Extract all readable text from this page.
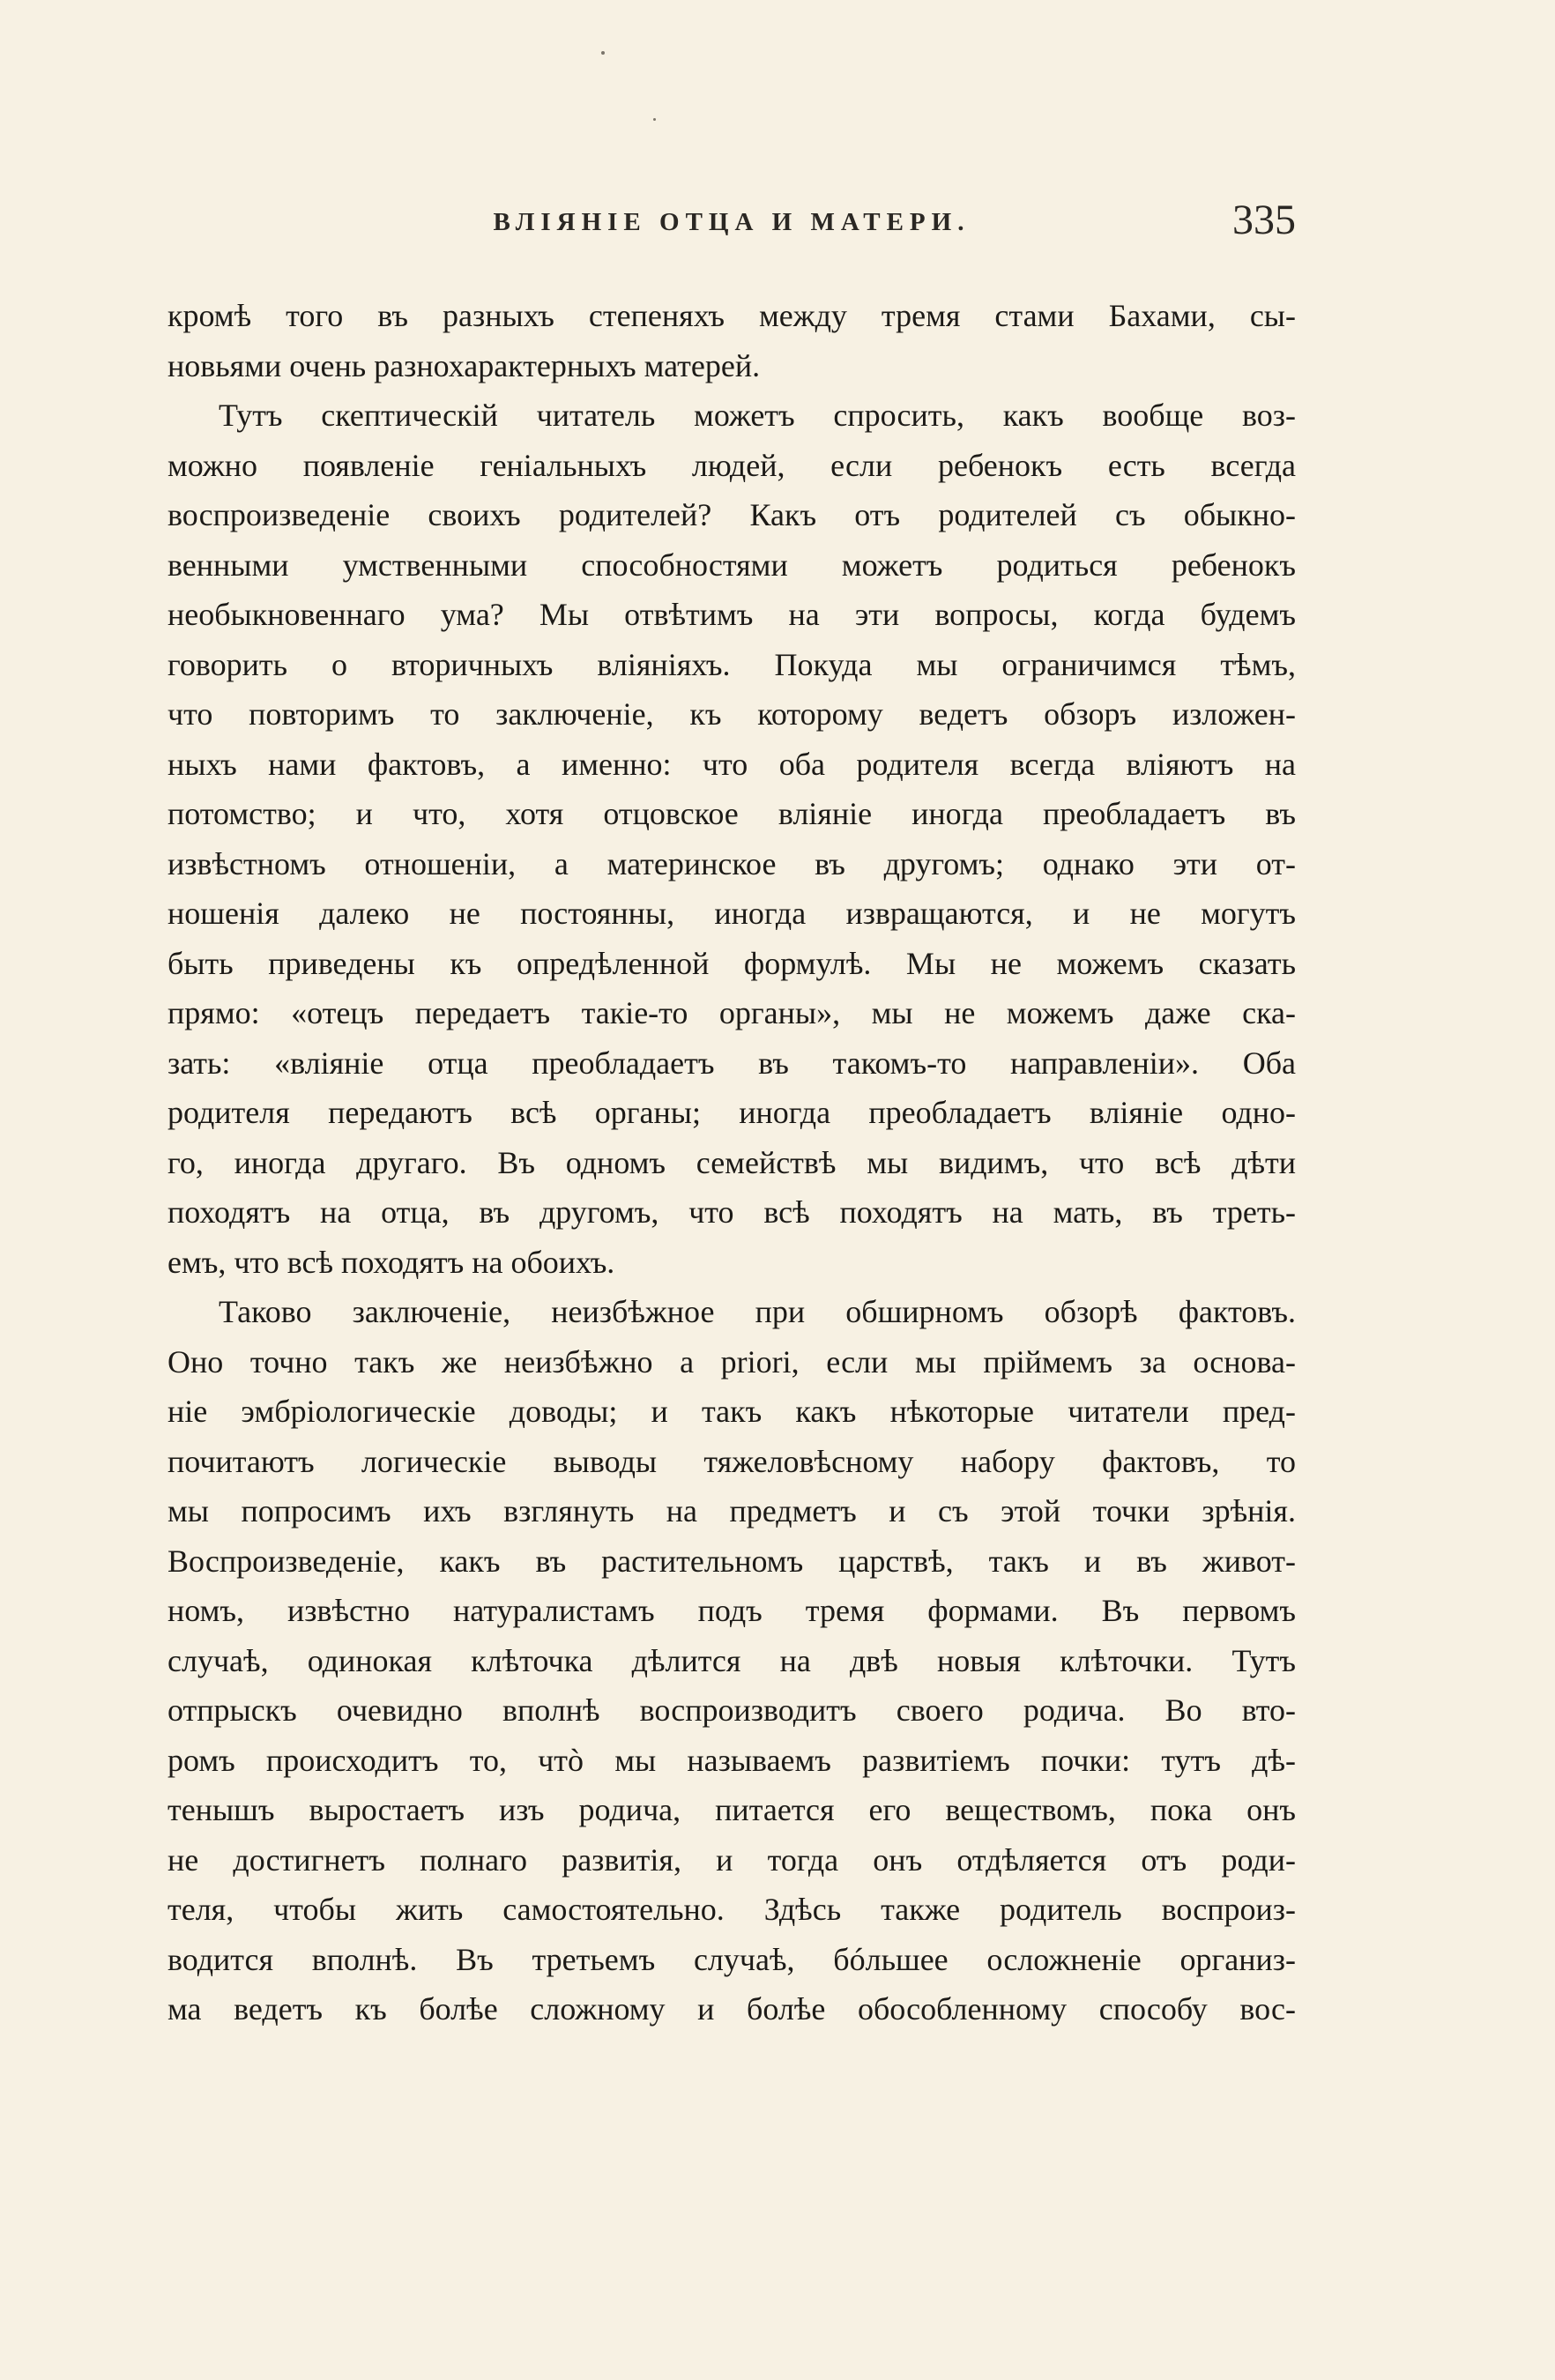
ВЛІЯНІЕ ОТЦА И МАТЕРИ.	335
кромѣ того въ разныхъ степеняхъ между тремя стами Бахами, сы-
новьями очень разнохарактерныхъ матерей.
Тутъ скептическій читатель можетъ спросить, какъ вообще воз-
можно появленіе геніальныхъ людей, если ребенокъ есть всегда
воспроизведеніе своихъ родителей? Какъ отъ родителей съ обыкно-
венными умственными способностями можетъ родиться ребенокъ
необыкновеннаго ума? Мы отвѣтимъ на эти вопросы, когда будемъ
говорить о вторичныхъ вліяніяхъ. Покуда мы ограничимся тѣмъ,
что повторимъ то заключеніе, къ которому ведетъ обзоръ изложен-
ныхъ нами фактовъ, а именно: что оба родителя всегда вліяютъ на
потомство; и что, хотя отцовское вліяніе иногда преобладаетъ въ
извѣстномъ отношеніи, а материнское въ другомъ; однако эти от-
ношенія далеко не постоянны, иногда извращаются, и не могутъ
быть приведены къ опредѣленной формулѣ. Мы не можемъ сказать
прямо: «отецъ передаетъ такіе-то органы», мы не можемъ даже ска-
зать: «вліяніе отца преобладаетъ въ такомъ-то направленіи». Оба
родителя передаютъ всѣ органы; иногда преобладаетъ вліяніе одно-
го, иногда другаго. Въ одномъ семействѣ мы видимъ, что всѣ дѣти
походятъ на отца, въ другомъ, что всѣ походятъ на мать, въ треть-
емъ, что всѣ походятъ на обоихъ.
Таково заключеніе, неизбѣжное при обширномъ обзорѣ фактовъ.
Оно точно такъ же неизбѣжно a priori, если мы пріймемъ за основа-
ніе эмбріологическіе доводы; и такъ какъ нѣкоторые читатели пред-
почитаютъ логическіе выводы тяжеловѣсному набору фактовъ, то
мы попросимъ ихъ взглянуть на предметъ и съ этой точки зрѣнія.
Воспроизведеніе, какъ въ растительномъ царствѣ, такъ и въ живот-
номъ, извѣстно натуралистамъ подъ тремя формами. Въ первомъ
случаѣ, одинокая клѣточка дѣлится на двѣ новыя клѣточки. Тутъ
отпрыскъ очевидно вполнѣ воспроизводитъ своего родича. Во вто-
ромъ происходитъ то, чтò мы называемъ развитіемъ почки: тутъ дѣ-
тенышъ выростаетъ изъ родича, питается его веществомъ, пока онъ
не достигнетъ полнаго развитія, и тогда онъ отдѣляется отъ роди-
теля, чтобы жить самостоятельно. Здѣсь также родитель воспроиз-
водится вполнѣ. Въ третьемъ случаѣ, бóльшее осложненіе организ-
ма ведетъ къ болѣе сложному и болѣе обособленному способу вос-
